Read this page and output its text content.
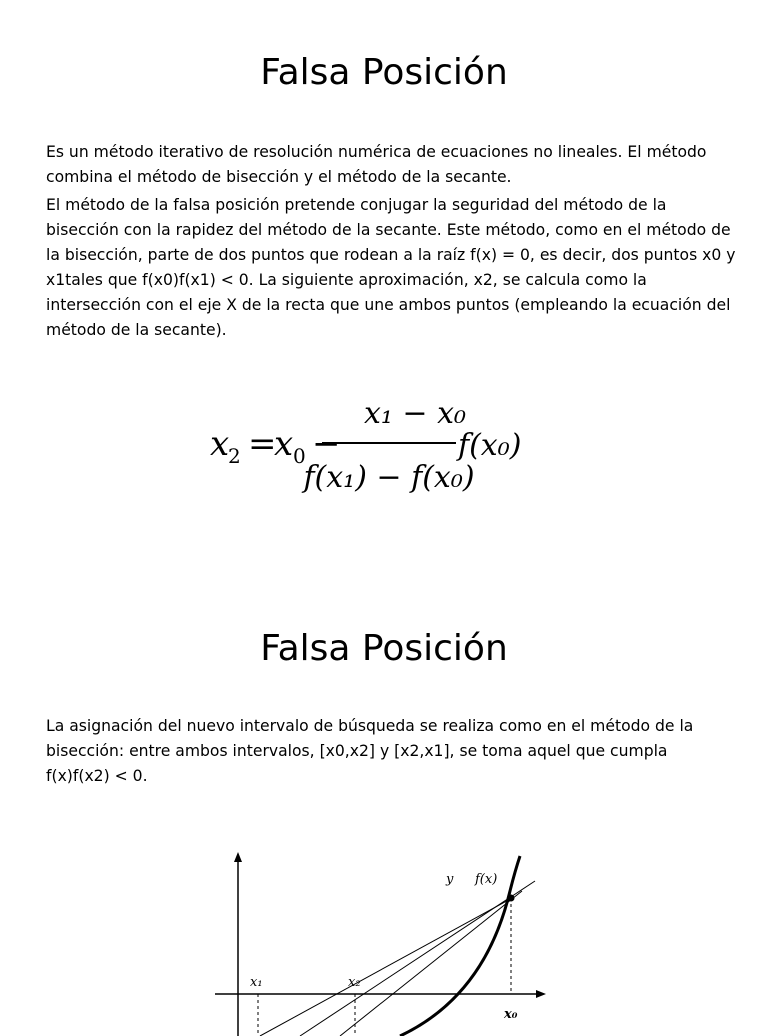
Falsa Posición

Es un método iterativo de resolución numérica de ecuaciones no lineales. El método combina el método de bisección y el método de la secante.

El método de la falsa posición pretende conjugar la seguridad del método de la bisección con la rapidez del método de la secante. Este método, como en el método de la bisección, parte de dos puntos que rodean a la raíz f(x) = 0, es decir, dos puntos x0 y x1tales que f(x0)f(x1) < 0. La siguiente aproximación, x2, se calcula como la intersección con el eje X de la recta que une ambos puntos (empleando la ecuación del método de la secante).

x
2 =
x 0 −
x₁ − x₀
f(x₁) − f(x₀)
f(x₀)
Falsa Posición

La asignación del nuevo intervalo de búsqueda se realiza como en el método de la bisección: entre ambos intervalos, [x0,x2] y [x2,x1], se toma aquel que cumpla f(x)f(x2) < 0.

y f(x)
x₁	x₂
x₀
